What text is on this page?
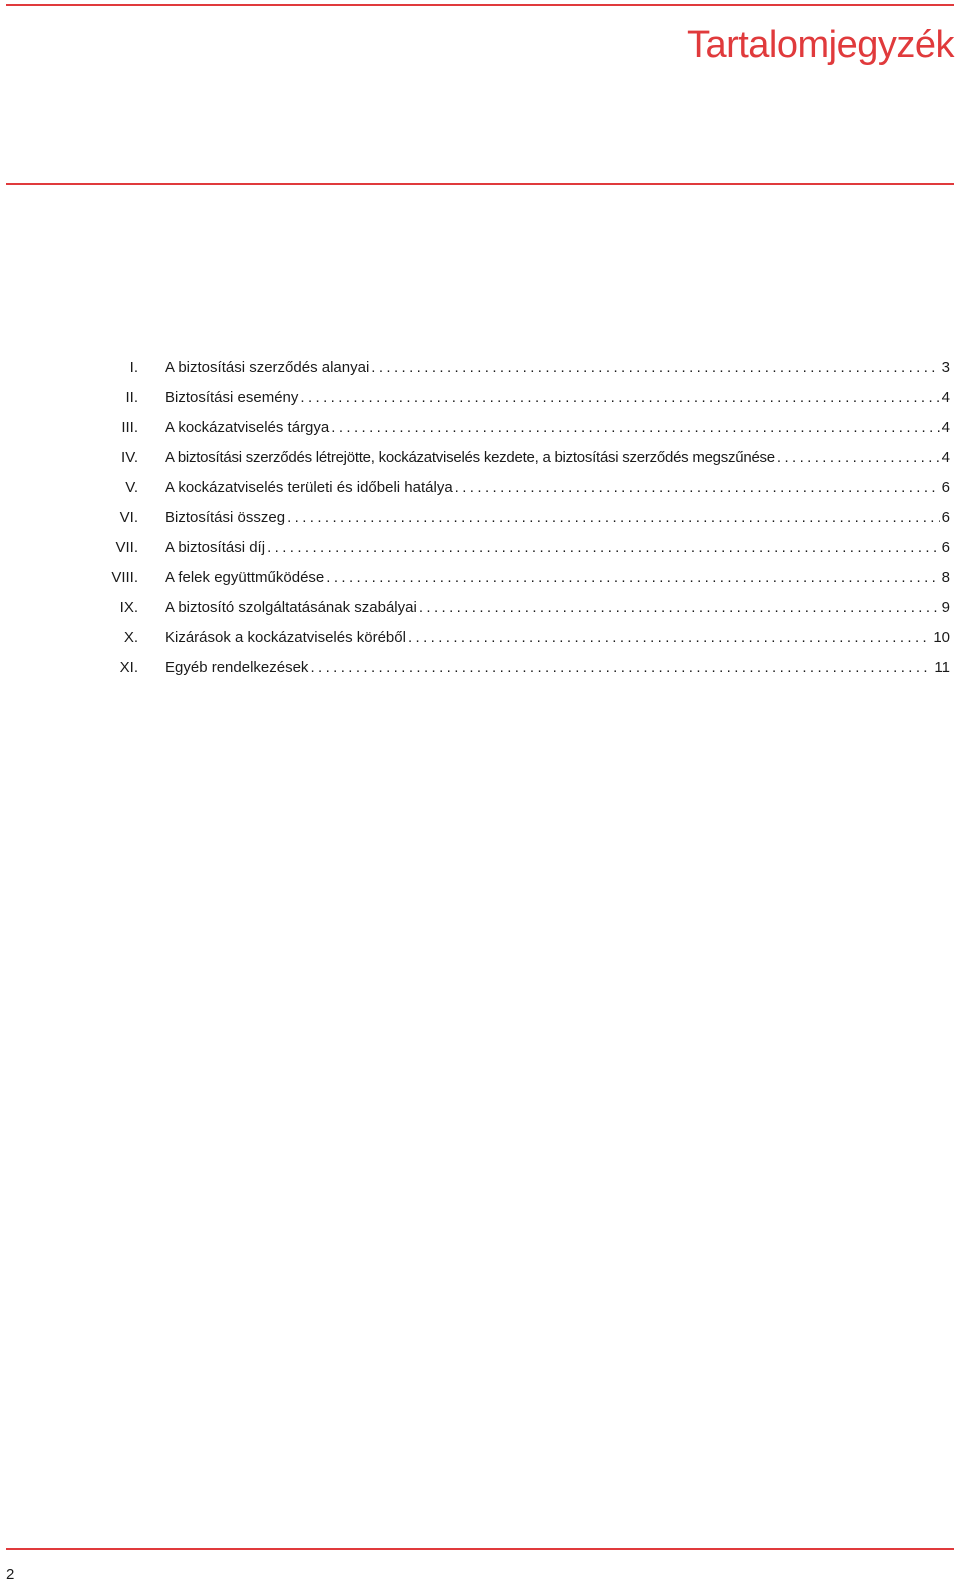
Tartalomjegyzék
I. A biztosítási szerződés alanyai .....	3
II. Biztosítási esemény .....	4
III. A kockázatviselés tárgya .....	4
IV. A biztosítási szerződés létrejötte, kockázatviselés kezdete, a biztosítási szerződés megszűnése .....	4
V. A kockázatviselés területi és időbeli hatálya .....	6
VI. Biztosítási összeg .....	6
VII. A biztosítási díj .....	6
VIII. A felek együttműködése .....	8
IX. A biztosító szolgáltatásának szabályai .....	9
X. Kizárások a kockázatviselés köréből .....	10
XI. Egyéb rendelkezések .....	11
2
